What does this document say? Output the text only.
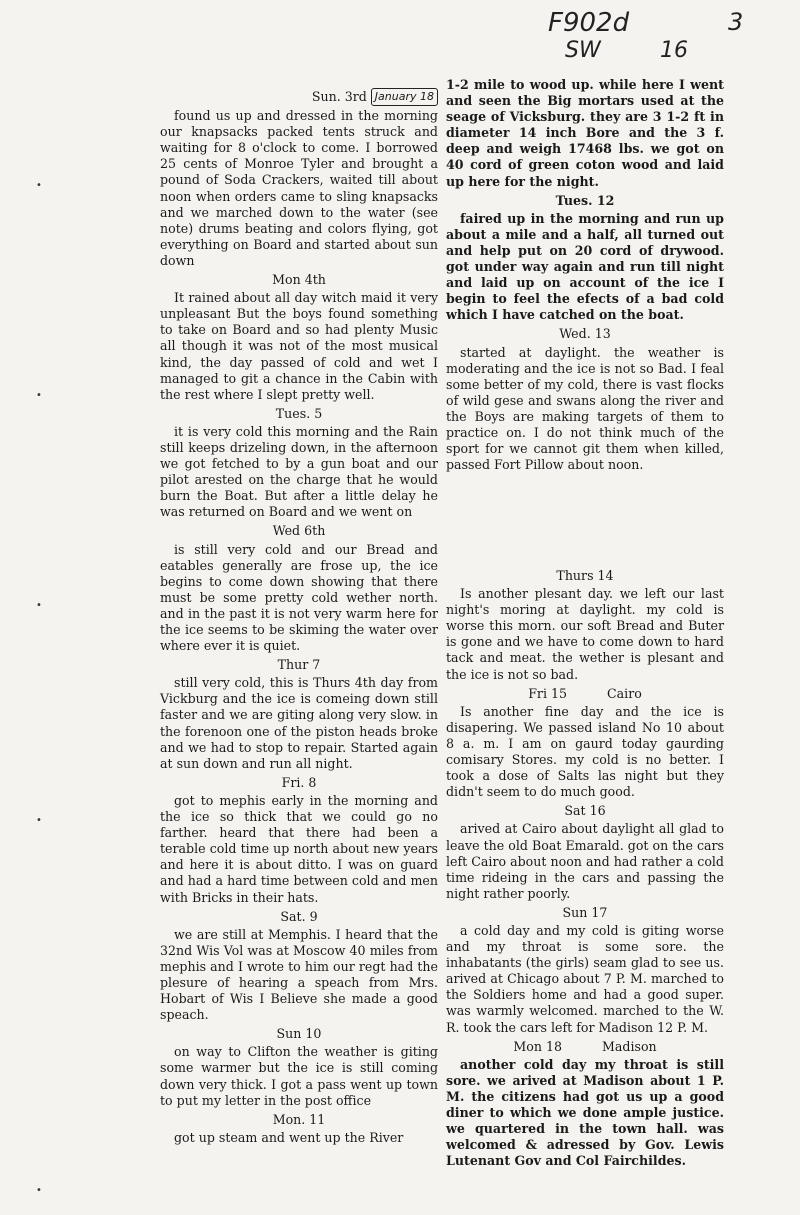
F902d
SW	16
3
•
•
•
•
•
Sun. 3rd January 18

found us up and dressed in the morning our knapsacks packed tents struck and waiting for 8 o'clock to come. I borrowed 25 cents of Monroe Tyler and brought a pound of Soda Crackers, waited till about noon when orders came to sling knapsacks and we marched down to the water (see note) drums beating and colors flying, got everything on Board and started about sun down

Mon 4th

It rained about all day witch maid it very unpleasant But the boys found something to take on Board and so had plenty Music all though it was not of the most musical kind, the day passed of cold and wet I managed to git a chance in the Cabin with the rest where I slept pretty well.

Tues. 5

it is very cold this morning and the Rain still keeps drizeling down, in the afternoon we got fetched to by a gun boat and our pilot arested on the charge that he would burn the Boat. But after a little delay he was returned on Board and we went on

Wed 6th

is still very cold and our Bread and eatables generally are frose up, the ice begins to come down showing that there must be some pretty cold wether north. and in the past it is not very warm here for the ice seems to be skiming the water over where ever it is quiet.

Thur 7

still very cold, this is Thurs 4th day from Vickburg and the ice is comeing down still faster and we are giting along very slow. in the forenoon one of the piston heads broke and we had to stop to repair. Started again at sun down and run all night.

Fri. 8

got to mephis early in the morning and the ice so thick that we could go no farther. heard that there had been a terable cold time up north about new years and here it is about ditto. I was on guard and had a hard time between cold and men with Bricks in their hats.

Sat. 9

we are still at Memphis. I heard that the 32nd Wis Vol was at Moscow 40 miles from mephis and I wrote to him our regt had the plesure of hearing a speach from Mrs. Hobart of Wis I Believe she made a good speach.

Sun 10

on way to Clifton the weather is giting some warmer but the ice is still coming down very thick. I got a pass went up town to put my letter in the post office

Mon. 11

got up steam and went up the River

1-2 mile to wood up. while here I went and seen the Big mortars used at the seage of Vicksburg. they are 3 1-2 ft in diameter 14 inch Bore and the 3 f. deep and weigh 17468 lbs. we got on 40 cord of green coton wood and laid up here for the night.

Tues. 12

faired up in the morning and run up about a mile and a half, all turned out and help put on 20 cord of drywood. got under way again and run till night and laid up on account of the ice I begin to feel the efects of a bad cold which I have catched on the boat.

Wed. 13

started at daylight. the weather is moderating and the ice is not so Bad. I feal some better of my cold, there is vast flocks of wild gese and swans along the river and the Boys are making targets of them to practice on. I do not think much of the sport for we cannot git them when killed, passed Fort Pillow about noon.

Thurs 14

Is another plesant day. we left our last night's moring at daylight. my cold is worse this morn. our soft Bread and Buter is gone and we have to come down to hard tack and meat. the wether is plesant and the ice is not so bad.

Fri 15	Cairo

Is another fine day and the ice is disapering. We passed island No 10 about 8 a. m. I am on gaurd today gaurding comisary Stores. my cold is no better. I took a dose of Salts las night but they didn't seem to do much good.

Sat 16

arived at Cairo about daylight all glad to leave the old Boat Emarald. got on the cars left Cairo about noon and had rather a cold time rideing in the cars and passing the night rather poorly.

Sun 17

a cold day and my cold is giting worse and my throat is some sore. the inhabatants (the girls) seam glad to see us. arived at Chicago about 7 P. M. marched to the Soldiers home and had a good super. was warmly welcomed. marched to the W. R. took the cars left for Madison 12 P. M.

Mon 18	Madison

another cold day my throat is still sore. we arived at Madison about 1 P. M. the citizens had got us up a good diner to which we done ample justice. we quartered in the town hall. was welcomed & adressed by Gov. Lewis Lutenant Gov and Col Fairchildes.
